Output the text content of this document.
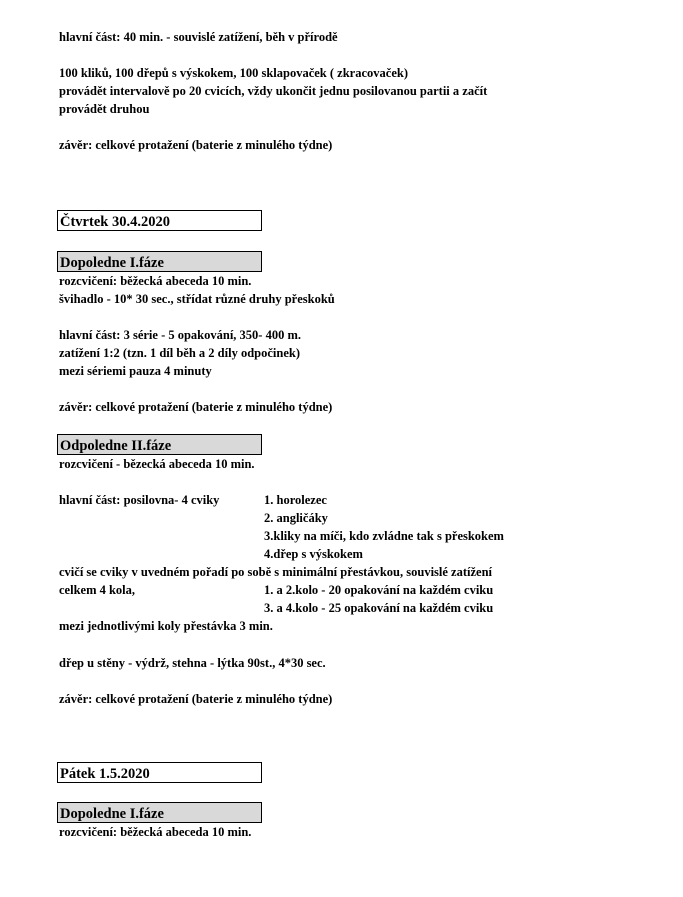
hlavní část: 40 min. - souvislé zatížení, běh v přírodě
100 kliků, 100 dřepů s výskokem, 100 sklapovaček ( zkracovaček)
provádět intervalově po 20 cvicích, vždy ukončit jednu posilovanou partii a začít
provádět druhou
závěr: celkové protažení (baterie z minulého týdne)
Čtvrtek 30.4.2020
Dopoledne I.fáze
rozcvičení: běžecká abeceda 10 min.
švihadlo - 10* 30 sec., střídat různé druhy přeskoků
hlavní část: 3 série - 5 opakování, 350- 400 m.
zatížení 1:2 (tzn. 1 díl běh a 2 díly odpočinek)
mezi sériemi pauza 4 minuty
závěr: celkové protažení (baterie z minulého týdne)
Odpoledne II.fáze
rozcvičení - bězecká abeceda 10 min.
hlavní část: posilovna- 4 cviky	1. horolezec
2. angličáky
3.kliky na míči, kdo zvládne tak s přeskokem
4.dřep s výskokem
cvičí se cviky v uvedném pořadí po sobě s minimální přestávkou, souvislé zatížení
celkem 4 kola,	1. a 2.kolo - 20 opakování na každém cviku
3. a 4.kolo - 25 opakování na každém cviku
mezi jednotlivými koly přestávka 3 min.
dřep u stěny - výdrž, stehna - lýtka 90st., 4*30 sec.
závěr: celkové protažení (baterie z minulého týdne)
Pátek 1.5.2020
Dopoledne I.fáze
rozcvičení: běžecká abeceda 10 min.
